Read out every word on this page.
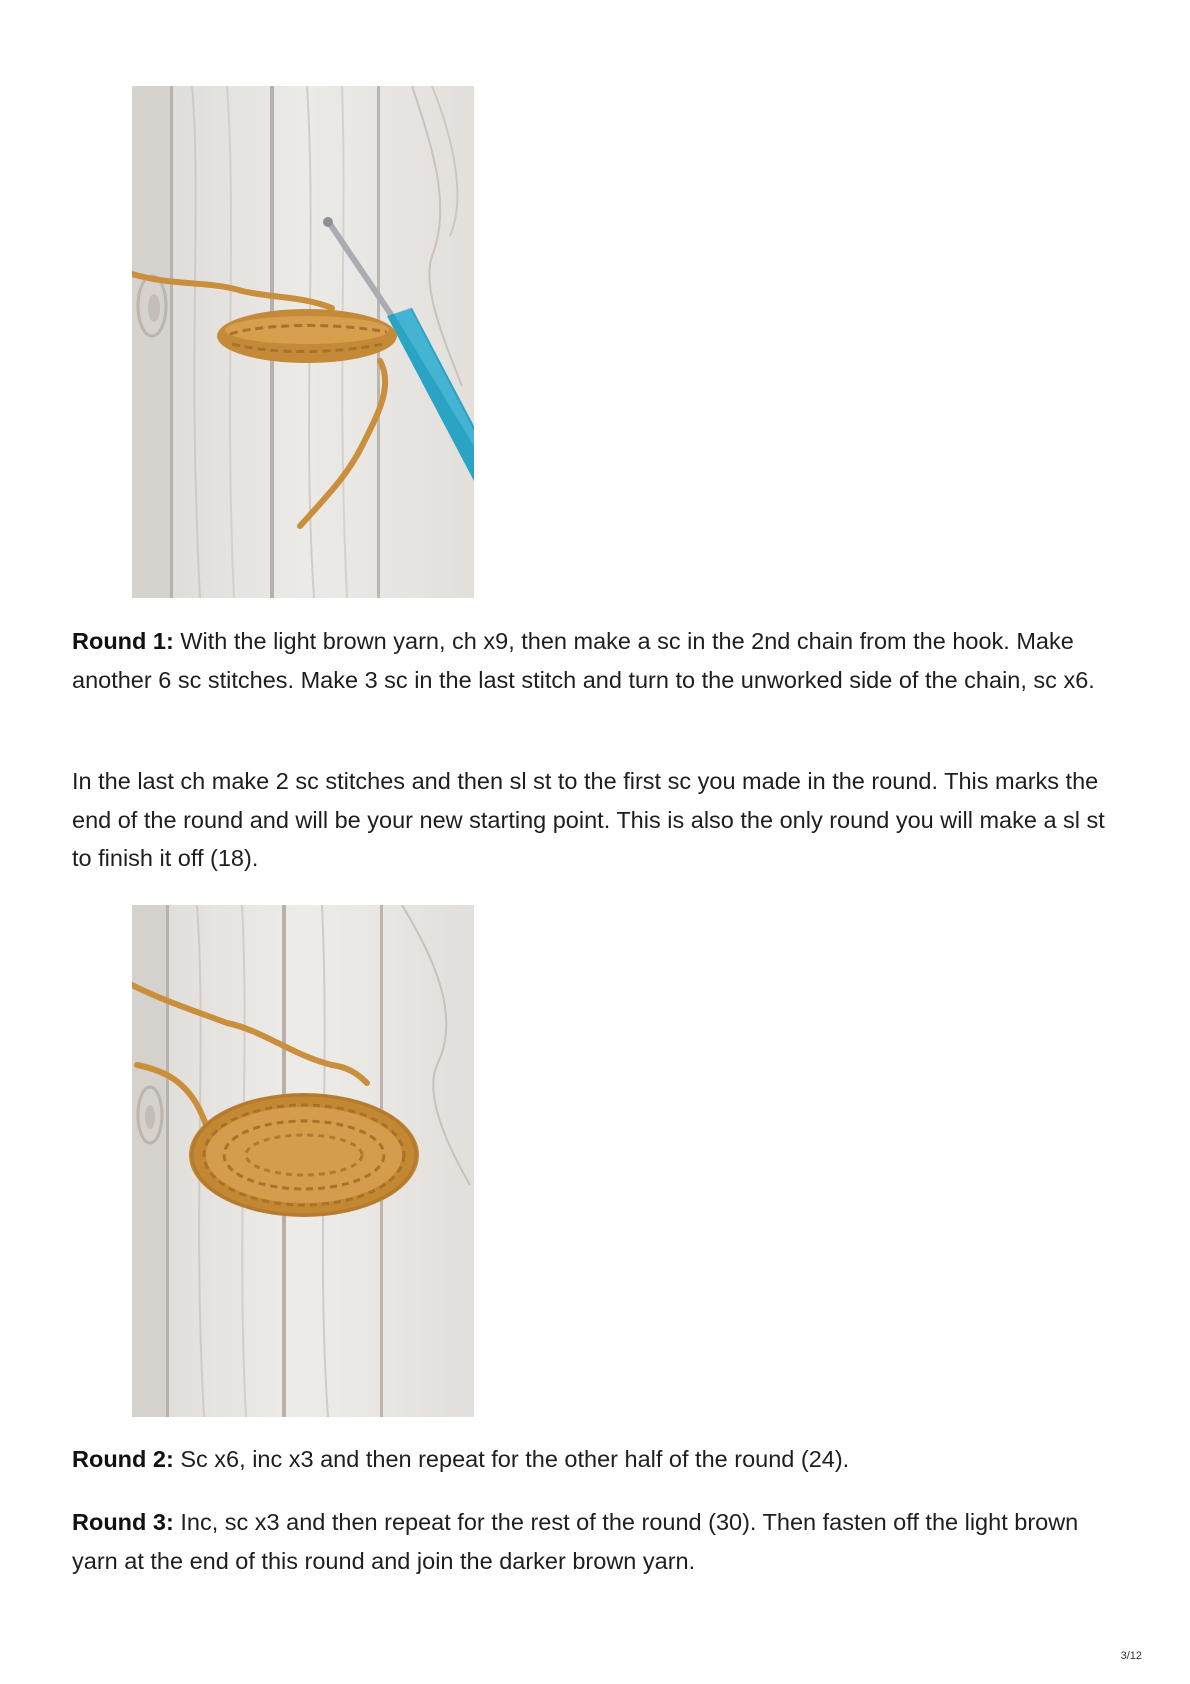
Round 1: With the light brown yarn, ch x9, then make a sc in the 2nd chain from the hook. Make another 6 sc stitches. Make 3 sc in the last stitch and turn to the unworked side of the chain, sc x6.

In the last ch make 2 sc stitches and then sl st to the first sc you made in the round. This marks the end of the round and will be your new starting point. This is also the only round you will make a sl st to finish it off (18).

Round 2: Sc x6, inc x3 and then repeat for the other half of the round (24).

Round 3: Inc, sc x3 and then repeat for the rest of the round (30). Then fasten off the light brown yarn at the end of this round and join the darker brown yarn.

3/12
